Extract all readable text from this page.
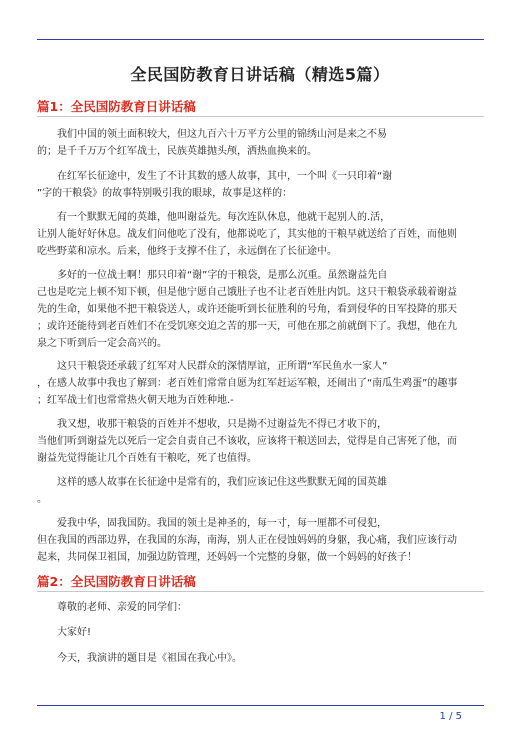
全民国防教育日讲话稿（精选5篇）
篇1：全民国防教育日讲话稿
我们中国的领土面积较大，但这九百六十万平方公里的锦绣山河是来之不易
的；是千千万万个红军战士，民族英雄抛头颅，洒热血换来的。
在红军长征途中，发生了不计其数的感人故事，其中，一个叫《一只印着“谢
”字的干粮袋》的故事特别吸引我的眼球，故事是这样的：
有一个默默无闻的英雄，他叫谢益先。每次连队休息，他就干起别人的.活，
让别人能好好休息。战友们问他吃了没有，他都说吃了，其实他的干粮早就送给了百姓，而他则
吃些野菜和凉水。后来，他终于支撑不住了，永远倒在了长征途中。
多好的一位战士啊！那只印着“谢”字的干粮袋，是那么沉重。虽然谢益先自
己也是吃完上顿不知下顿，但是他宁愿自己饿肚子也不让老百姓肚内饥。这只干粮袋承载着谢益
先的生命，如果他不把干粮袋送人，或许还能听到长征胜利的号角，看到侵华的日军投降的那天
；或许还能待到老百姓们不在受饥寒交迫之苦的那一天，可他在那之前就倒下了。我想，他在九
泉之下听到后一定会高兴的。
这只干粮袋还承载了红军对人民群众的深情厚谊，正所谓“军民鱼水一家人”
，在感人故事中我也了解到：老百姓们常常自愿为红军赶运军粮，还闹出了“南瓜生鸡蛋”的趣事
；红军战士们也常常热火朝天地为百姓种地.-
我又想，收那干粮袋的百姓并不想收，只是拗不过谢益先不得已才收下的，
当他们听到谢益先以死后一定会自责自己不该收，应该将干粮送回去，觉得是自己害死了他，而
谢益先觉得能让几个百姓有干粮吃，死了也值得。
这样的感人故事在长征途中是常有的，我们应该记住这些默默无闻的国英雄
。
爱我中华，固我国防。我国的领土是神圣的，每一寸，每一厘都不可侵犯，
但在我国的西部边界，在我国的东海，南海，别人正在侵蚀妈妈的身躯，我心痛，我们应该行动
起来，共同保卫祖国，加强边防管理，还妈妈一个完整的身躯，做一个妈妈的好孩子！
篇2：全民国防教育日讲话稿
尊敬的老师、亲爱的同学们：
大家好!
今天，我演讲的题目是《祖国在我心中》。
1 / 5
